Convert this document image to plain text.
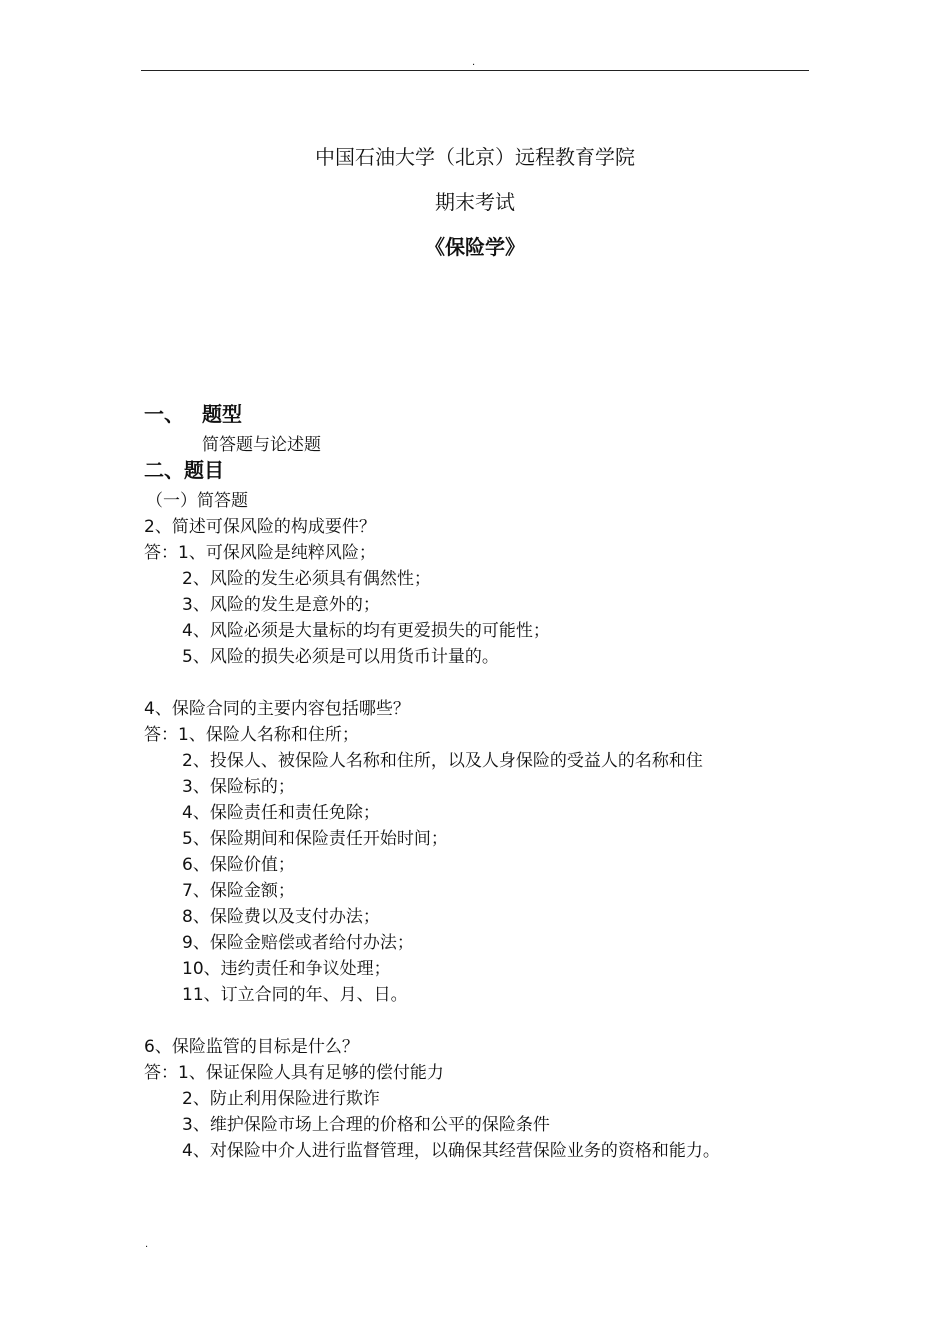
.
中国石油大学（北京）远程教育学院
期末考试
《保险学》
一、 题型
简答题与论述题
二、题目
（一）简答题
2、简述可保风险的构成要件？
答：1、可保风险是纯粹风险；
2、风险的发生必须具有偶然性；
3、风险的发生是意外的；
4、风险必须是大量标的均有更爱损失的可能性；
5、风险的损失必须是可以用货币计量的。
4、保险合同的主要内容包括哪些？
答：1、保险人名称和住所；
2、投保人、被保险人名称和住所，以及人身保险的受益人的名称和住
3、保险标的；
4、保险责任和责任免除；
5、保险期间和保险责任开始时间；
6、保险价值；
7、保险金额；
8、保险费以及支付办法；
9、保险金赔偿或者给付办法；
10、违约责任和争议处理；
11、订立合同的年、月、日。
6、保险监管的目标是什么？
答：1、保证保险人具有足够的偿付能力
2、防止利用保险进行欺诈
3、维护保险市场上合理的价格和公平的保险条件
4、对保险中介人进行监督管理，以确保其经营保险业务的资格和能力。
.
